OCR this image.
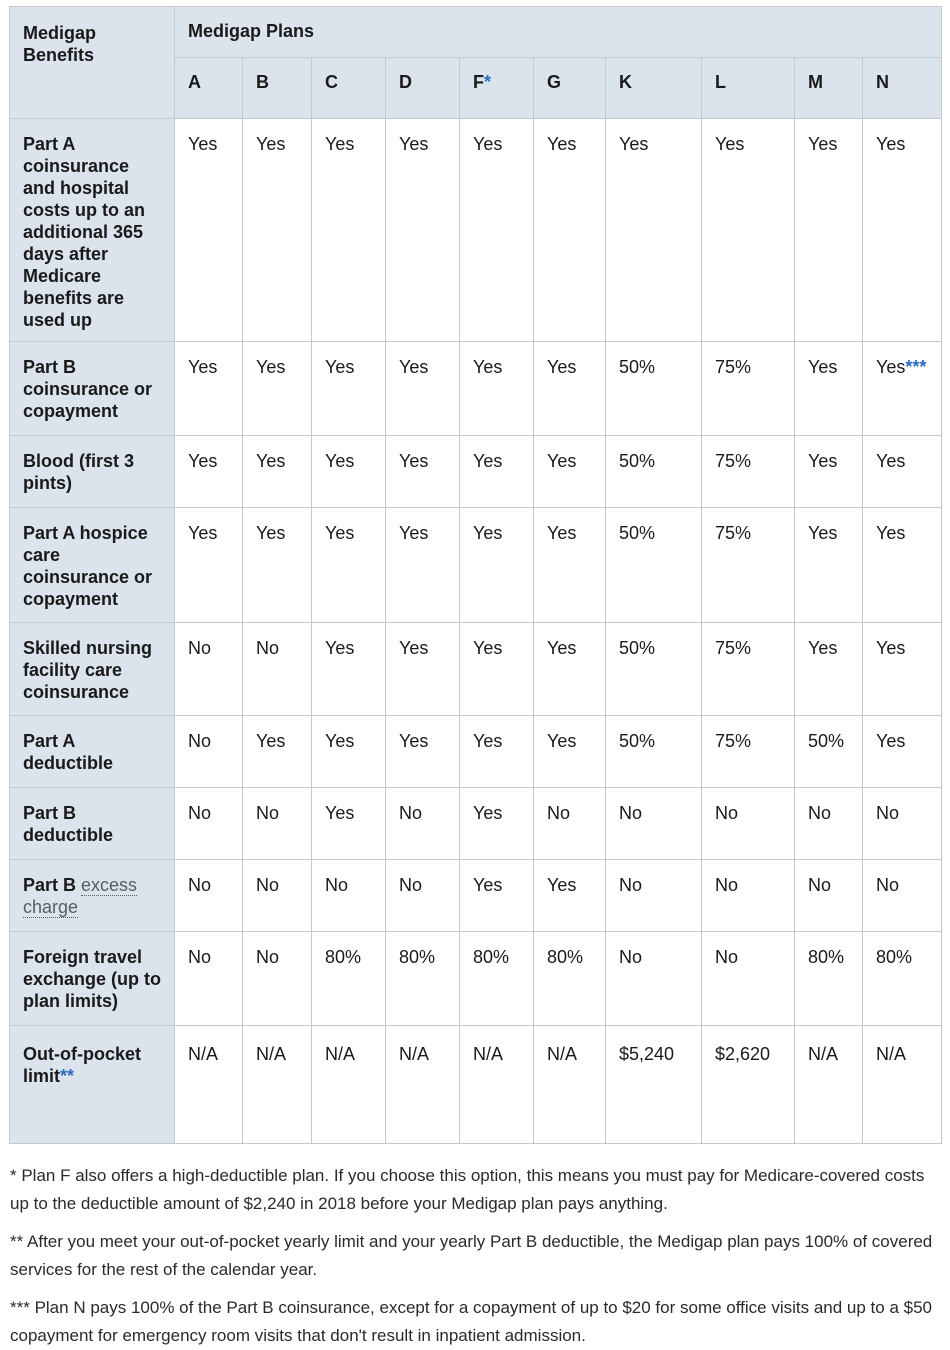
Medigap Benefits	Medigap Plans									
	A	B	C	D	F*	G	K	L	M	N
Part A coinsurance and hospital costs up to an additional 365 days after Medicare benefits are used up	Yes	Yes	Yes	Yes	Yes	Yes	Yes	Yes	Yes	Yes
Part B coinsurance or copayment	Yes	Yes	Yes	Yes	Yes	Yes	50%	75%	Yes	Yes***
Blood (first 3 pints)	Yes	Yes	Yes	Yes	Yes	Yes	50%	75%	Yes	Yes
Part A hospice care coinsurance or copayment	Yes	Yes	Yes	Yes	Yes	Yes	50%	75%	Yes	Yes
Skilled nursing facility care coinsurance	No	No	Yes	Yes	Yes	Yes	50%	75%	Yes	Yes
Part A deductible	No	Yes	Yes	Yes	Yes	Yes	50%	75%	50%	Yes
Part B deductible	No	No	Yes	No	Yes	No	No	No	No	No
Part B excess charge	No	No	No	No	Yes	Yes	No	No	No	No
Foreign travel exchange (up to plan limits)	No	No	80%	80%	80%	80%	No	No	80%	80%
Out-of-pocket limit**	N/A	N/A	N/A	N/A	N/A	N/A	$5,240	$2,620	N/A	N/A

* Plan F also offers a high-deductible plan. If you choose this option, this means you must pay for Medicare-covered costs up to the deductible amount of $2,240 in 2018 before your Medigap plan pays anything.

** After you meet your out-of-pocket yearly limit and your yearly Part B deductible, the Medigap plan pays 100% of covered services for the rest of the calendar year.

*** Plan N pays 100% of the Part B coinsurance, except for a copayment of up to $20 for some office visits and up to a $50 copayment for emergency room visits that don't result in inpatient admission.
